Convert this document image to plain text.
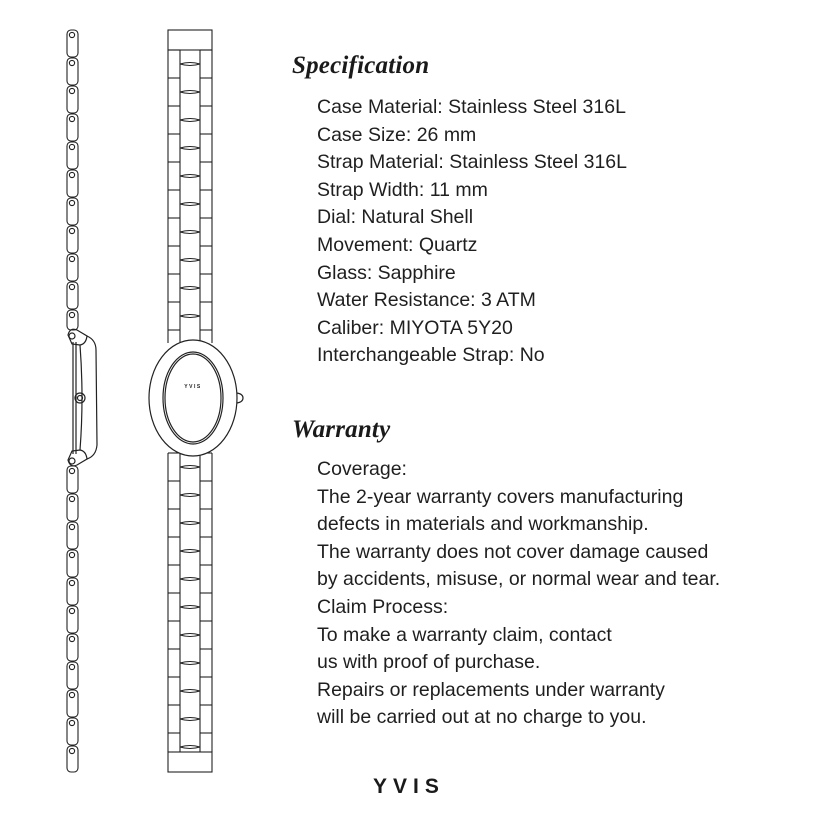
YVIS
Specification
Case Material: Stainless Steel 316L
Case Size: 26 mm
Strap Material: Stainless Steel 316L
Strap Width: 11 mm
Dial: Natural Shell
Movement: Quartz
Glass: Sapphire
Water Resistance: 3 ATM
Caliber: MIYOTA 5Y20
Interchangeable Strap: No
Warranty
Coverage:
The 2-year warranty covers manufacturing
defects in materials and workmanship.
The warranty does not cover damage caused
by accidents, misuse, or normal wear and tear.
Claim Process:
To make a warranty claim, contact
us with proof of purchase.
Repairs or replacements under warranty
will be carried out at no charge to you.
YVIS
